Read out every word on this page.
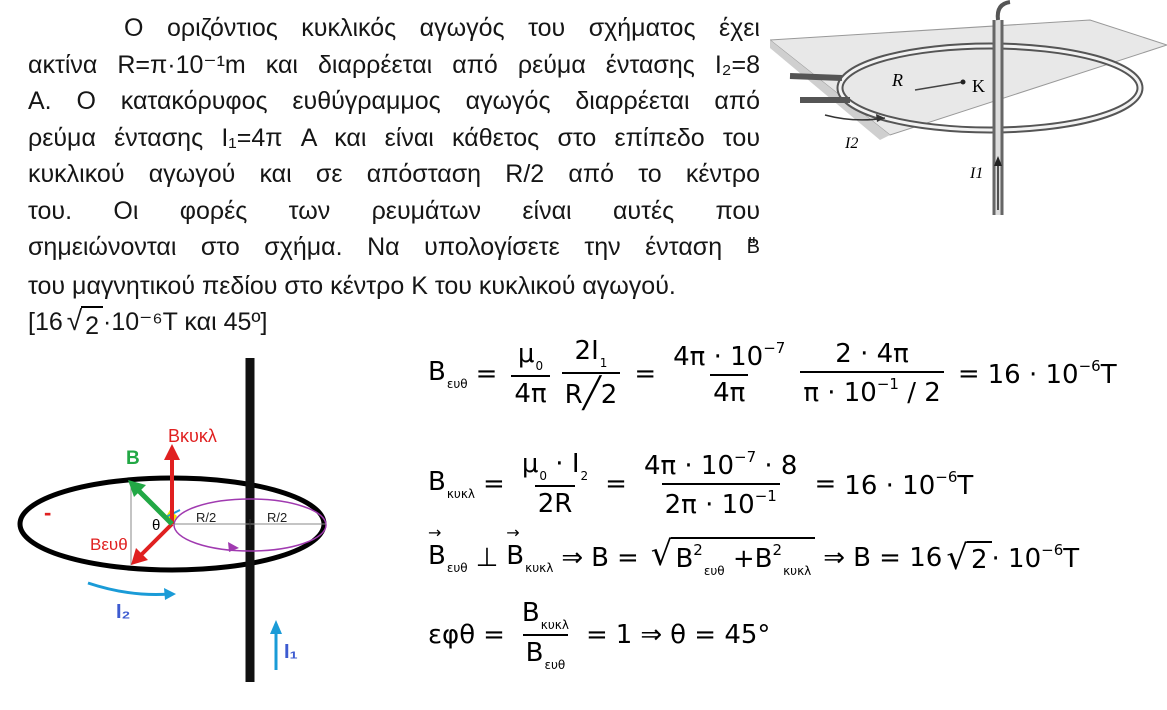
Ο οριζόντιος κυκλικός αγωγός του σχήματος έχει

ακτίνα R=π·10⁻¹m και διαρρέεται από ρεύμα έντασης I₂=8

A. Ο κατακόρυφος ευθύγραμμος αγωγός διαρρέεται από

ρεύμα έντασης I₁=4π A και είναι κάθετος στο επίπεδο του

κυκλικού αγωγού και σε απόσταση R/2 από το κέντρο

του. Οι φορές των ρευμάτων είναι αυτές που

σημειώνονται στο σχήμα. Να υπολογίσετε την ένταση u B

του μαγνητικού πεδίου στο κέντρο K του κυκλικού αγωγού.

[16 √ 2 ·10⁻⁶T και 45º]

R	K
I2
I1
R/2	R/2
θ
Bκυκλ
B
Bευθ
-
I₂
I₁
$B_{\varepsilon\upsilon\theta} = \frac{\mu_0}{4\pi} \frac{2I_1}{R╱2} = \frac{4\pi \cdot 10^{-7}}{4\pi} \frac{2 \cdot 4\pi}{\pi \cdot 10^{-1} / 2} = 16 \cdot 10^{-6}T$
$B_{\kappa\upsilon\kappa\lambda} = \frac{\mu_0 \cdot I_2}{2R} = \frac{4\pi \cdot 10^{-7} \cdot 8}{2\pi \cdot 10^{-1}} = 16 \cdot 10^{-6}T$
→ $B_{\varepsilon\upsilon\theta}$ ⊥ → $B_{\kappa\upsilon\kappa\lambda}$ ⇒ B = √ $B^2_{\varepsilon\upsilon\theta} +B^2_{\kappa\upsilon\kappa\lambda}$ ⇒ B = 16 √ $2 \cdot 10^{-6}T$
$\varepsilon\varphi\theta = \frac{B_{\kappa\upsilon\kappa\lambda}}{B_{\varepsilon\upsilon\theta}} = 1$ ⇒ θ = 45°
